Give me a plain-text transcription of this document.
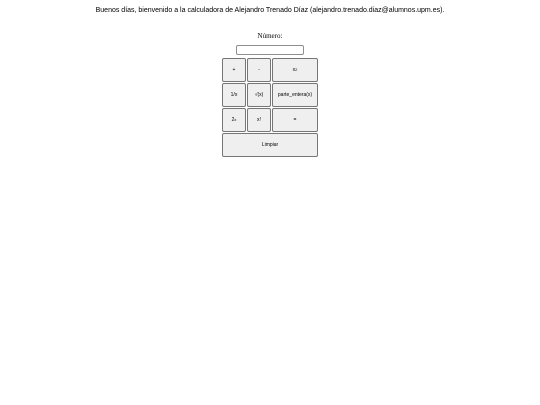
Buenos días, bienvenido a la calculadora de Alejandro Trenado Díaz (alejandro.trenado.diaz@alumnos.upm.es).
Número:
+	-	$x^2$
1/x	√(x)	parte_entera(x)
2$^x$	x!	=
Limpiar
